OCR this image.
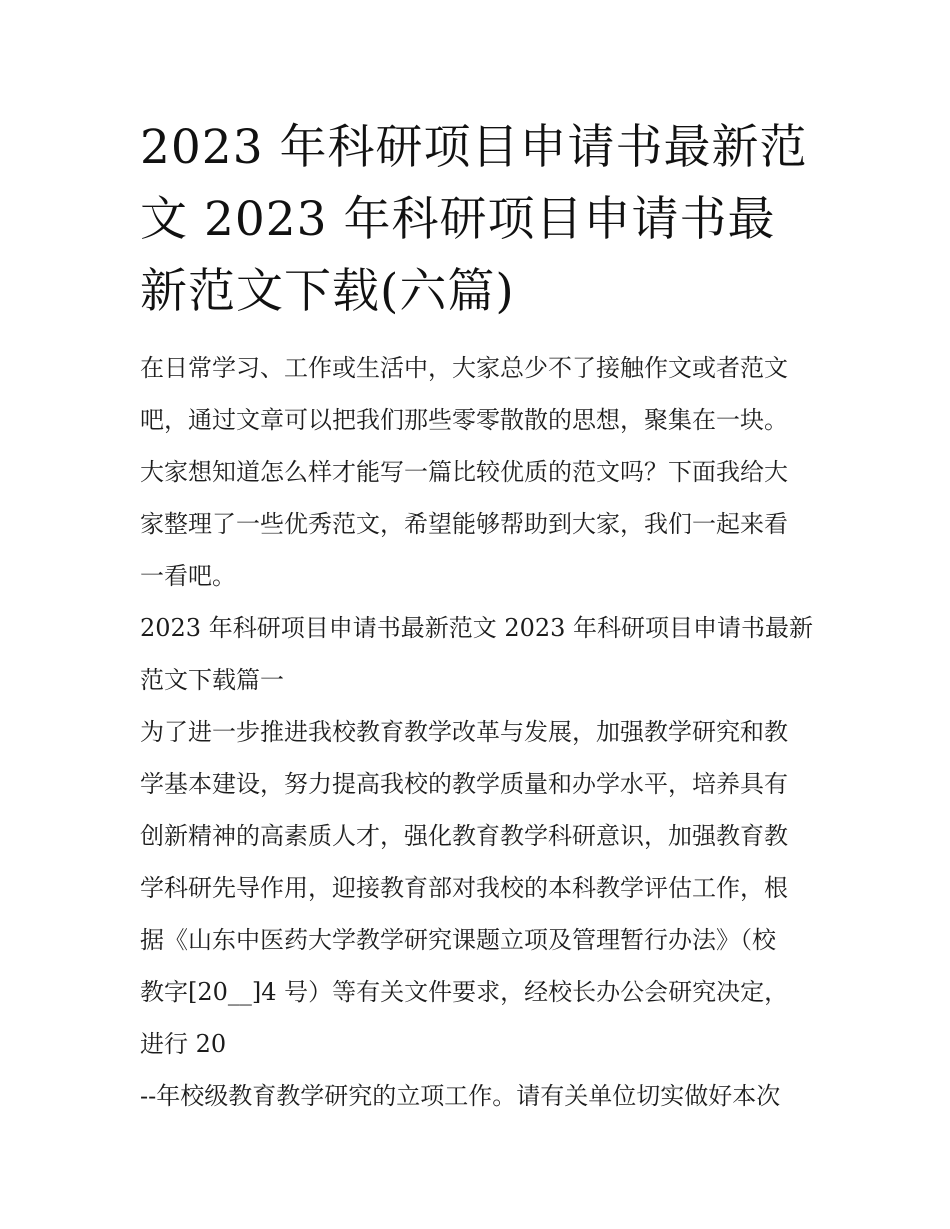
2023 年科研项目申请书最新范
文 2023 年科研项目申请书最
新范文下载(六篇)
在日常学习、工作或生活中，大家总少不了接触作文或者范文
吧，通过文章可以把我们那些零零散散的思想，聚集在一块。
大家想知道怎么样才能写一篇比较优质的范文吗？下面我给大
家整理了一些优秀范文，希望能够帮助到大家，我们一起来看
一看吧。
2023 年科研项目申请书最新范文 2023 年科研项目申请书最新
范文下载篇一
为了进一步推进我校教育教学改革与发展，加强教学研究和教
学基本建设，努力提高我校的教学质量和办学水平，培养具有
创新精神的高素质人才，强化教育教学科研意识，加强教育教
学科研先导作用，迎接教育部对我校的本科教学评估工作，根
据《山东中医药大学教学研究课题立项及管理暂行办法》（校
教字[20__]4 号）等有关文件要求，经校长办公会研究决定，
进行 20
--年校级教育教学研究的立项工作。请有关单位切实做好本次
